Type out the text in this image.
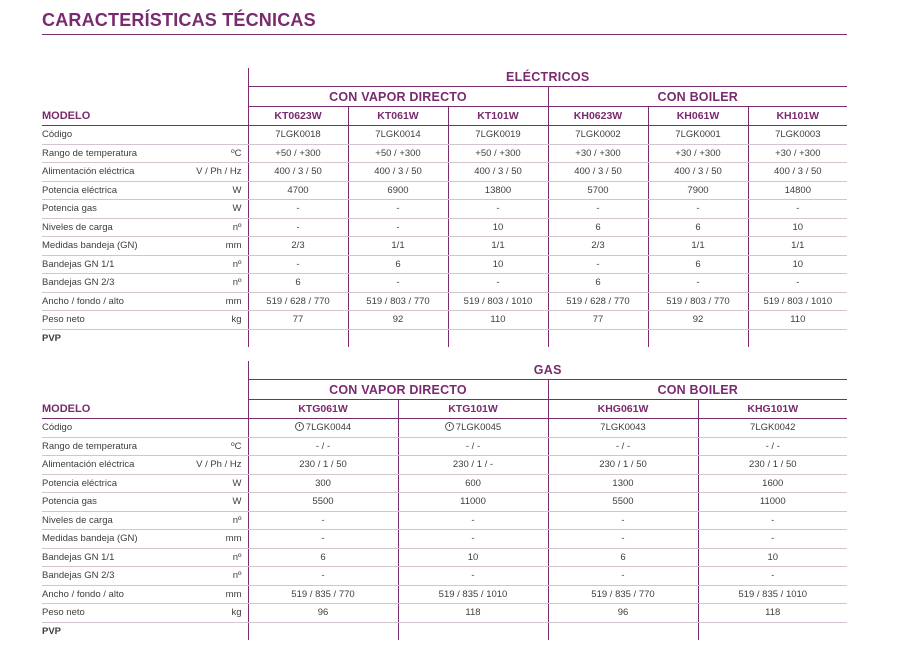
CARACTERÍSTICAS TÉCNICAS
		ELÉCTRICOS					
		CON VAPOR DIRECTO			CON BOILER		
MODELO		KT0623W	KT061W	KT101W	KH0623W	KH061W	KH101W
Código		7LGK0018	7LGK0014	7LGK0019	7LGK0002	7LGK0001	7LGK0003
Rango de temperatura	ºC	+50 / +300	+50 / +300	+50 / +300	+30 / +300	+30 / +300	+30 / +300
Alimentación eléctrica	V / Ph / Hz	400 / 3 / 50	400 / 3 / 50	400 / 3 / 50	400 / 3 / 50	400 / 3 / 50	400 / 3 / 50
Potencia eléctrica	W	4700	6900	13800	5700	7900	14800
Potencia gas	W	-	-	-	-	-	-
Niveles de carga	nº	-	-	10	6	6	10
Medidas bandeja (GN)	mm	2/3	1/1	1/1	2/3	1/1	1/1
Bandejas GN 1/1	nº	-	6	10	-	6	10
Bandejas GN 2/3	nº	6	-	-	6	-	-
Ancho / fondo / alto	mm	519 / 628 / 770	519 / 803 / 770	519 / 803 / 1010	519 / 628 / 770	519 / 803 / 770	519 / 803 / 1010
Peso neto	kg	77	92	110	77	92	110
PVP							
		GAS			
		CON VAPOR DIRECTO		CON BOILER	
MODELO		KTG061W	KTG101W	KHG061W	KHG101W
Código		7LGK0044	7LGK0045	7LGK0043	7LGK0042
Rango de temperatura	ºC	- / -	- / -	- / -	- / -
Alimentación eléctrica	V / Ph / Hz	230 / 1 / 50	230 / 1 / -	230 / 1 / 50	230 / 1 / 50
Potencia eléctrica	W	300	600	1300	1600
Potencia gas	W	5500	11000	5500	11000
Niveles de carga	nº	-	-	-	-
Medidas bandeja (GN)	mm	-	-	-	-
Bandejas GN 1/1	nº	6	10	6	10
Bandejas GN 2/3	nº	-	-	-	-
Ancho / fondo / alto	mm	519 / 835 / 770	519 / 835 / 1010	519 / 835 / 770	519 / 835 / 1010
Peso neto	kg	96	118	96	118
PVP					
